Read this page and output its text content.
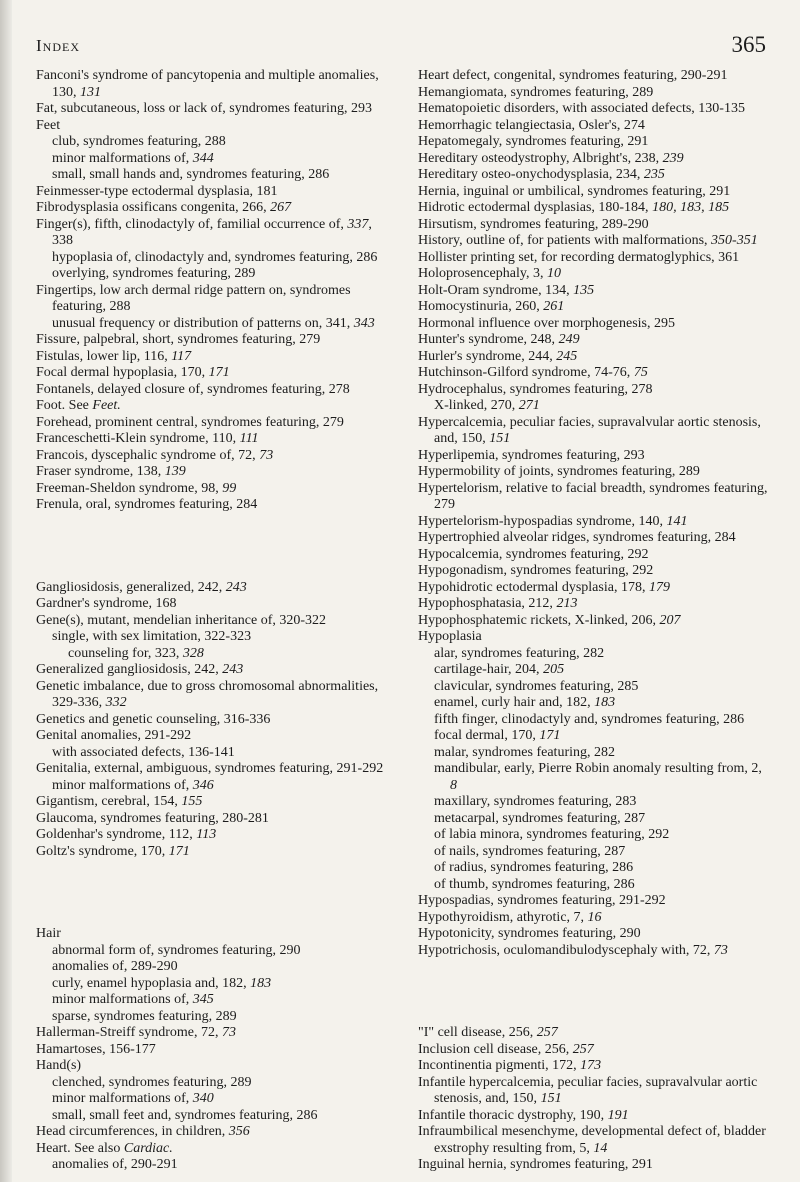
Index	365

Fanconi's syndrome of pancytopenia and multiple anomalies, 130, 131

Fat, subcutaneous, loss or lack of, syndromes featuring, 293

Feet

club, syndromes featuring, 288

minor malformations of, 344

small, small hands and, syndromes featuring, 286

Feinmesser-type ectodermal dysplasia, 181

Fibrodysplasia ossificans congenita, 266, 267

Finger(s), fifth, clinodactyly of, familial occurrence of, 337, 338

hypoplasia of, clinodactyly and, syndromes featuring, 286

overlying, syndromes featuring, 289

Fingertips, low arch dermal ridge pattern on, syndromes featuring, 288

unusual frequency or distribution of patterns on, 341, 343

Fissure, palpebral, short, syndromes featuring, 279

Fistulas, lower lip, 116, 117

Focal dermal hypoplasia, 170, 171

Fontanels, delayed closure of, syndromes featuring, 278

Foot. See Feet.

Forehead, prominent central, syndromes featuring, 279

Franceschetti-Klein syndrome, 110, 111

Francois, dyscephalic syndrome of, 72, 73

Fraser syndrome, 138, 139

Freeman-Sheldon syndrome, 98, 99

Frenula, oral, syndromes featuring, 284

Gangliosidosis, generalized, 242, 243

Gardner's syndrome, 168

Gene(s), mutant, mendelian inheritance of, 320-322

single, with sex limitation, 322-323

counseling for, 323, 328

Generalized gangliosidosis, 242, 243

Genetic imbalance, due to gross chromosomal abnormalities, 329-336, 332

Genetics and genetic counseling, 316-336

Genital anomalies, 291-292

with associated defects, 136-141

Genitalia, external, ambiguous, syndromes featuring, 291-292

minor malformations of, 346

Gigantism, cerebral, 154, 155

Glaucoma, syndromes featuring, 280-281

Goldenhar's syndrome, 112, 113

Goltz's syndrome, 170, 171

Hair

abnormal form of, syndromes featuring, 290

anomalies of, 289-290

curly, enamel hypoplasia and, 182, 183

minor malformations of, 345

sparse, syndromes featuring, 289

Hallerman-Streiff syndrome, 72, 73

Hamartoses, 156-177

Hand(s)

clenched, syndromes featuring, 289

minor malformations of, 340

small, small feet and, syndromes featuring, 286

Head circumferences, in children, 356

Heart. See also Cardiac.

anomalies of, 290-291

Heart defect, congenital, syndromes featuring, 290-291

Hemangiomata, syndromes featuring, 289

Hematopoietic disorders, with associated defects, 130-135

Hemorrhagic telangiectasia, Osler's, 274

Hepatomegaly, syndromes featuring, 291

Hereditary osteodystrophy, Albright's, 238, 239

Hereditary osteo-onychodysplasia, 234, 235

Hernia, inguinal or umbilical, syndromes featuring, 291

Hidrotic ectodermal dysplasias, 180-184, 180, 183, 185

Hirsutism, syndromes featuring, 289-290

History, outline of, for patients with malformations, 350-351

Hollister printing set, for recording dermatoglyphics, 361

Holoprosencephaly, 3, 10

Holt-Oram syndrome, 134, 135

Homocystinuria, 260, 261

Hormonal influence over morphogenesis, 295

Hunter's syndrome, 248, 249

Hurler's syndrome, 244, 245

Hutchinson-Gilford syndrome, 74-76, 75

Hydrocephalus, syndromes featuring, 278

X-linked, 270, 271

Hypercalcemia, peculiar facies, supravalvular aortic stenosis, and, 150, 151

Hyperlipemia, syndromes featuring, 293

Hypermobility of joints, syndromes featuring, 289

Hypertelorism, relative to facial breadth, syndromes featuring, 279

Hypertelorism-hypospadias syndrome, 140, 141

Hypertrophied alveolar ridges, syndromes featuring, 284

Hypocalcemia, syndromes featuring, 292

Hypogonadism, syndromes featuring, 292

Hypohidrotic ectodermal dysplasia, 178, 179

Hypophosphatasia, 212, 213

Hypophosphatemic rickets, X-linked, 206, 207

Hypoplasia

alar, syndromes featuring, 282

cartilage-hair, 204, 205

clavicular, syndromes featuring, 285

enamel, curly hair and, 182, 183

fifth finger, clinodactyly and, syndromes featuring, 286

focal dermal, 170, 171

malar, syndromes featuring, 282

mandibular, early, Pierre Robin anomaly resulting from, 2, 8

maxillary, syndromes featuring, 283

metacarpal, syndromes featuring, 287

of labia minora, syndromes featuring, 292

of nails, syndromes featuring, 287

of radius, syndromes featuring, 286

of thumb, syndromes featuring, 286

Hypospadias, syndromes featuring, 291-292

Hypothyroidism, athyrotic, 7, 16

Hypotonicity, syndromes featuring, 290

Hypotrichosis, oculomandibulodyscephaly with, 72, 73

"I" cell disease, 256, 257

Inclusion cell disease, 256, 257

Incontinentia pigmenti, 172, 173

Infantile hypercalcemia, peculiar facies, supravalvular aortic stenosis, and, 150, 151

Infantile thoracic dystrophy, 190, 191

Infraumbilical mesenchyme, developmental defect of, bladder exstrophy resulting from, 5, 14

Inguinal hernia, syndromes featuring, 291
